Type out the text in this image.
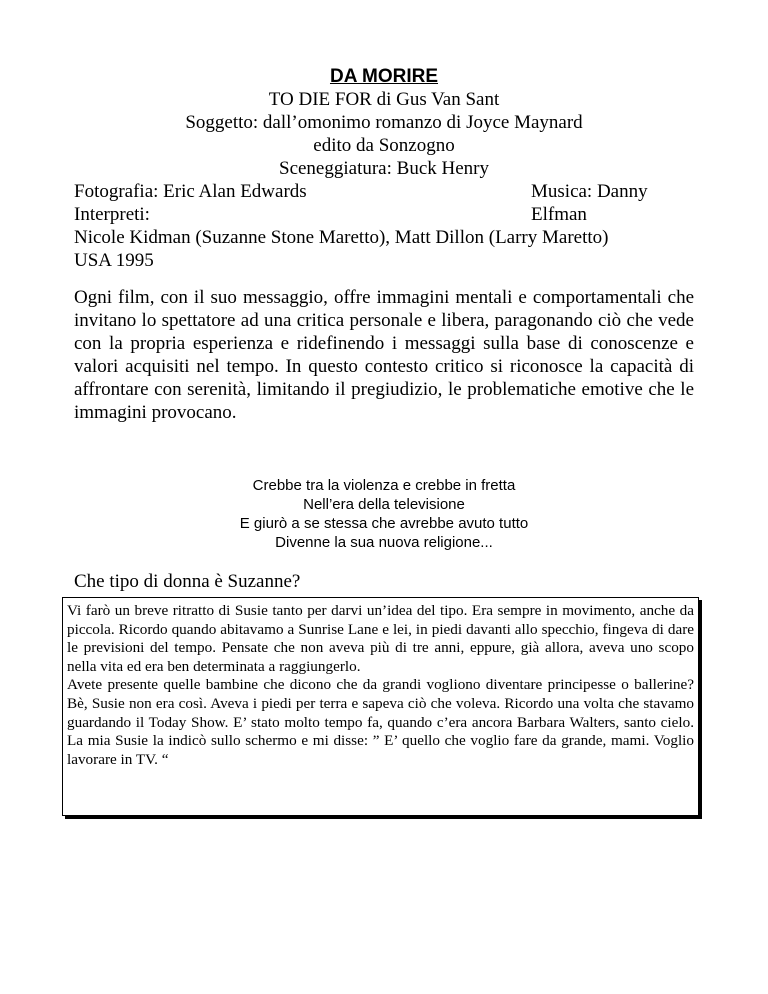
DA MORIRE
TO DIE FOR di Gus Van Sant
Soggetto: dall’omonimo romanzo di Joyce Maynard
edito da Sonzogno
Sceneggiatura: Buck Henry
Fotografia: Eric Alan Edwards	Musica: Danny Elfman
Interpreti:
Nicole Kidman (Suzanne Stone Maretto), Matt Dillon (Larry Maretto)
USA 1995
Ogni film, con il suo messaggio, offre immagini mentali e comportamentali che invitano lo spettatore ad una critica personale e libera, paragonando ciò che vede con la propria esperienza e ridefinendo i messaggi sulla base di conoscenze e valori acquisiti nel tempo. In questo contesto critico si riconosce la capacità di affrontare con serenità, limitando il pregiudizio, le problematiche emotive che le immagini provocano.
Crebbe tra la violenza e crebbe in fretta
Nell’era della televisione
E giurò a se stessa che avrebbe avuto tutto
Divenne la sua nuova religione...
Che tipo di donna è Suzanne?

Vi farò un breve ritratto di Susie tanto per darvi un’idea del tipo. Era sempre in movimento, anche da piccola. Ricordo quando abitavamo a Sunrise Lane e lei, in piedi davanti allo specchio, fingeva di dare le previsioni del tempo. Pensate che non aveva più di tre anni, eppure, già allora, aveva uno scopo nella vita ed era ben determinata a raggiungerlo.

Avete presente quelle bambine che dicono che da grandi vogliono diventare principesse o ballerine? Bè, Susie non era così. Aveva i piedi per terra e sapeva ciò che voleva. Ricordo una volta che stavamo guardando il Today Show. E’ stato molto tempo fa, quando c’era ancora Barbara Walters, santo cielo. La mia Susie la indicò sullo schermo e mi disse: ” E’ quello che voglio fare da grande, mami. Voglio lavorare in TV. “
